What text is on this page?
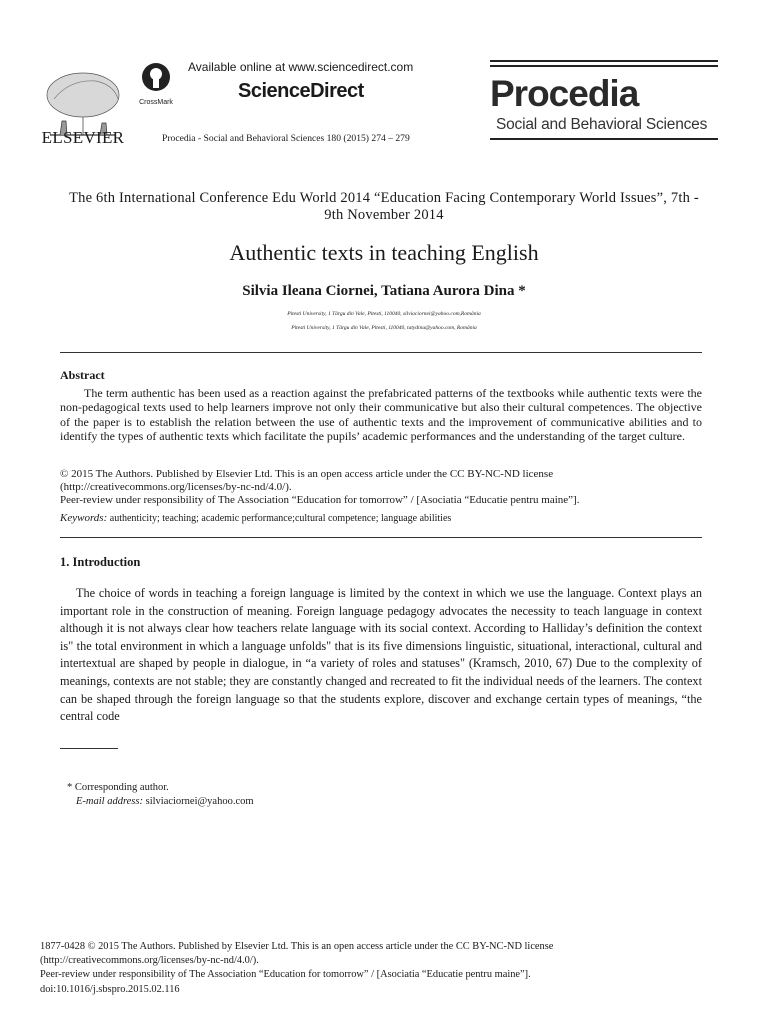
ELSEVIER
CrossMark
Available online at www.sciencedirect.com
ScienceDirect
Procedia - Social and Behavioral Sciences 180 (2015) 274 – 279
Procedia
Social and Behavioral Sciences
The 6th International Conference Edu World 2014 “Education Facing Contemporary World Issues”, 7th - 9th November 2014
Authentic texts in teaching English
Silvia Ileana Ciornei, Tatiana Aurora Dina *
Pitesti University, 1 Târgu din Vale, Pitesti, 110040, silviaciornei@yahoo.com,România
Pitesti University, 1 Târgu din Vale, Pitesti, 110040, tatydina@yahoo.com, România
Abstract
The term authentic has been used as a reaction against the prefabricated patterns of the textbooks while authentic texts were the non-pedagogical texts used to help learners improve not only their communicative but also their cultural competences. The objective of the paper is to establish the relation between the use of authentic texts and the improvement of communicative abilities and to identify the types of authentic texts which facilitate the pupils’ academic performances and the understanding of the target culture.
© 2015 The Authors. Published by Elsevier Ltd. This is an open access article under the CC BY-NC-ND license
(http://creativecommons.org/licenses/by-nc-nd/4.0/).
Peer-review under responsibility of The Association “Education for tomorrow” / [Asociatia “Educatie pentru maine”].
Keywords: authenticity; teaching; academic performance;cultural competence; language abilities
1. Introduction
The choice of words in teaching a foreign language is limited by the context in which we use the language. Context plays an important role in the construction of meaning. Foreign language pedagogy advocates the necessity to teach language in context although it is not always clear how teachers relate language with its social context. According to Halliday’s definition the context is" the total environment in which a language unfolds" that is its five dimensions linguistic, situational, interactional, cultural and intertextual are shaped by people in dialogue, in “a variety of roles and statuses" (Kramsch, 2010, 67) Due to the complexity of meanings, contexts are not stable; they are constantly changed and recreated to fit the individual needs of the learners. The context can be shaped through the foreign language so that the students explore, discover and exchange certain types of meanings, “the central code
* Corresponding author.
E-mail address: silviaciornei@yahoo.com
1877-0428 © 2015 The Authors. Published by Elsevier Ltd. This is an open access article under the CC BY-NC-ND license
(http://creativecommons.org/licenses/by-nc-nd/4.0/).
Peer-review under responsibility of The Association “Education for tomorrow” / [Asociatia “Educatie pentru maine”].
doi:10.1016/j.sbspro.2015.02.116
